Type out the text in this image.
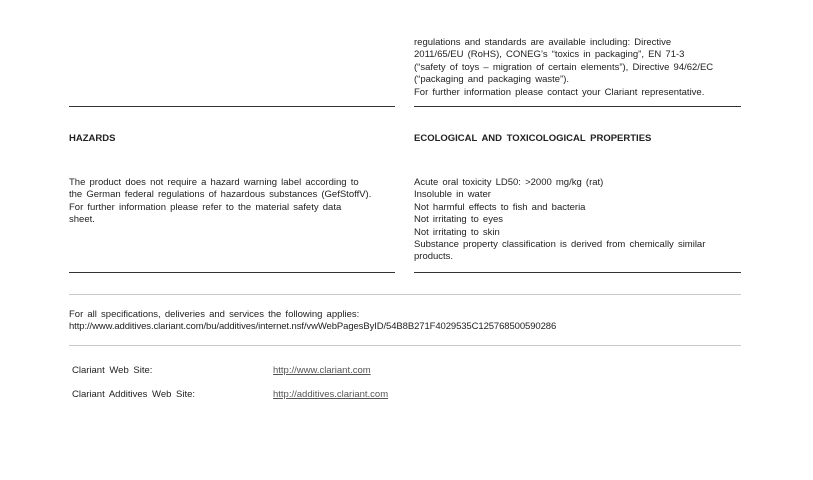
regulations and standards are available including: Directive
2011/65/EU (RoHS), CONEG’s “toxics in packaging”, EN 71-3
(“safety of toys – migration of certain elements”), Directive 94/62/EC
(“packaging and packaging waste”).
For further information please contact your Clariant representative.
HAZARDS	ECOLOGICAL AND TOXICOLOGICAL PROPERTIES
The product does not require a hazard warning label according to
the German federal regulations of hazardous substances (GefStoffV).
For further information please refer to the material safety data
sheet.
Acute oral toxicity LD50: >2000 mg/kg (rat)
Insoluble in water
Not harmful effects to fish and bacteria
Not irritating to eyes
Not irritating to skin
Substance property classification is derived from chemically similar
products.
For all specifications, deliveries and services the following applies:
http://www.additives.clariant.com/bu/additives/internet.nsf/vwWebPagesByID/54B8B271F4029535C125768500590286
Clariant Web Site:	http://www.clariant.com
Clariant Additives Web Site:	http://additives.clariant.com
